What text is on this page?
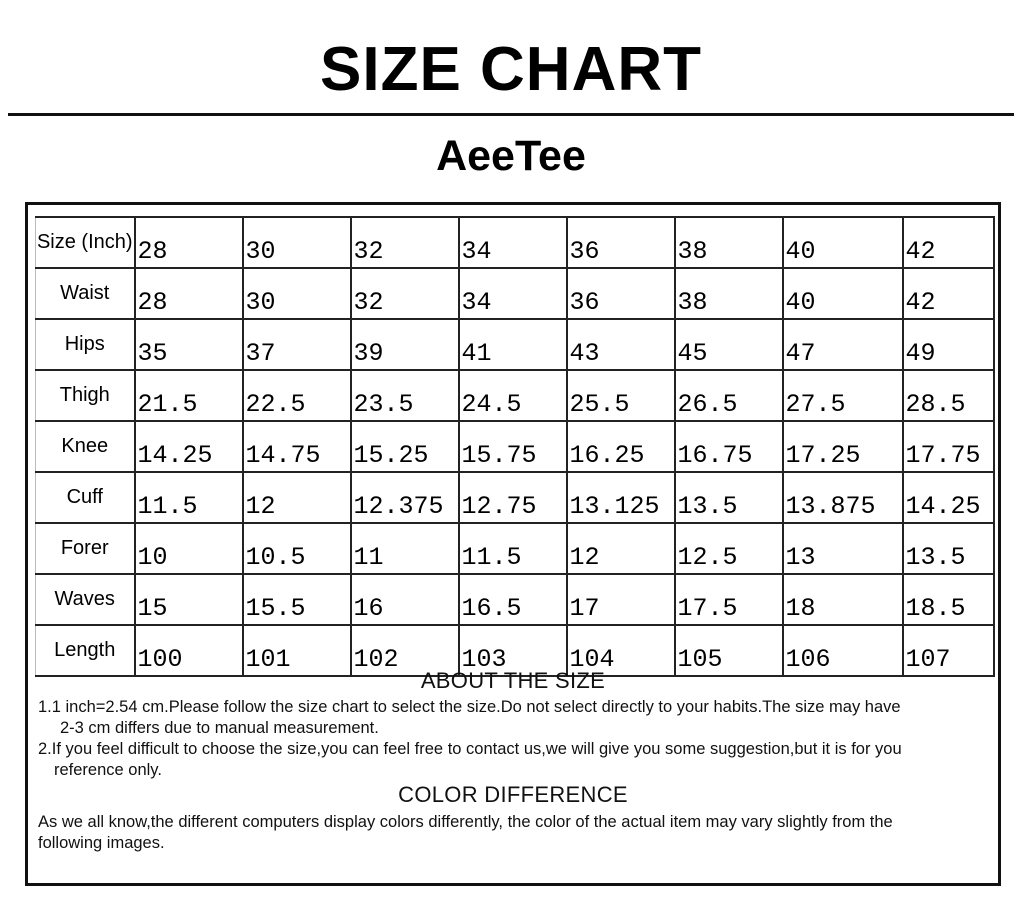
SIZE CHART
AeeTee
Size (Inch)	28	30	32	34	36	38	40	42
Waist	28	30	32	34	36	38	40	42
Hips	35	37	39	41	43	45	47	49
Thigh	21.5	22.5	23.5	24.5	25.5	26.5	27.5	28.5
Knee	14.25	14.75	15.25	15.75	16.25	16.75	17.25	17.75
Cuff	11.5	12	12.375	12.75	13.125	13.5	13.875	14.25
Forer	10	10.5	11	11.5	12	12.5	13	13.5
Waves	15	15.5	16	16.5	17	17.5	18	18.5
Length	100	101	102	103	104	105	106	107
ABOUT THE SIZE
1.1 inch=2.54 cm.Please follow the size chart to select the size.Do not select directly to your habits.The size may have
2-3 cm differs due to manual measurement.
2.If you feel difficult to choose the size,you can feel free to contact us,we will give you some suggestion,but it is for you
reference only.
COLOR DIFFERENCE
As we all know,the different computers display colors differently, the color of the actual item may vary slightly from the
following images.
